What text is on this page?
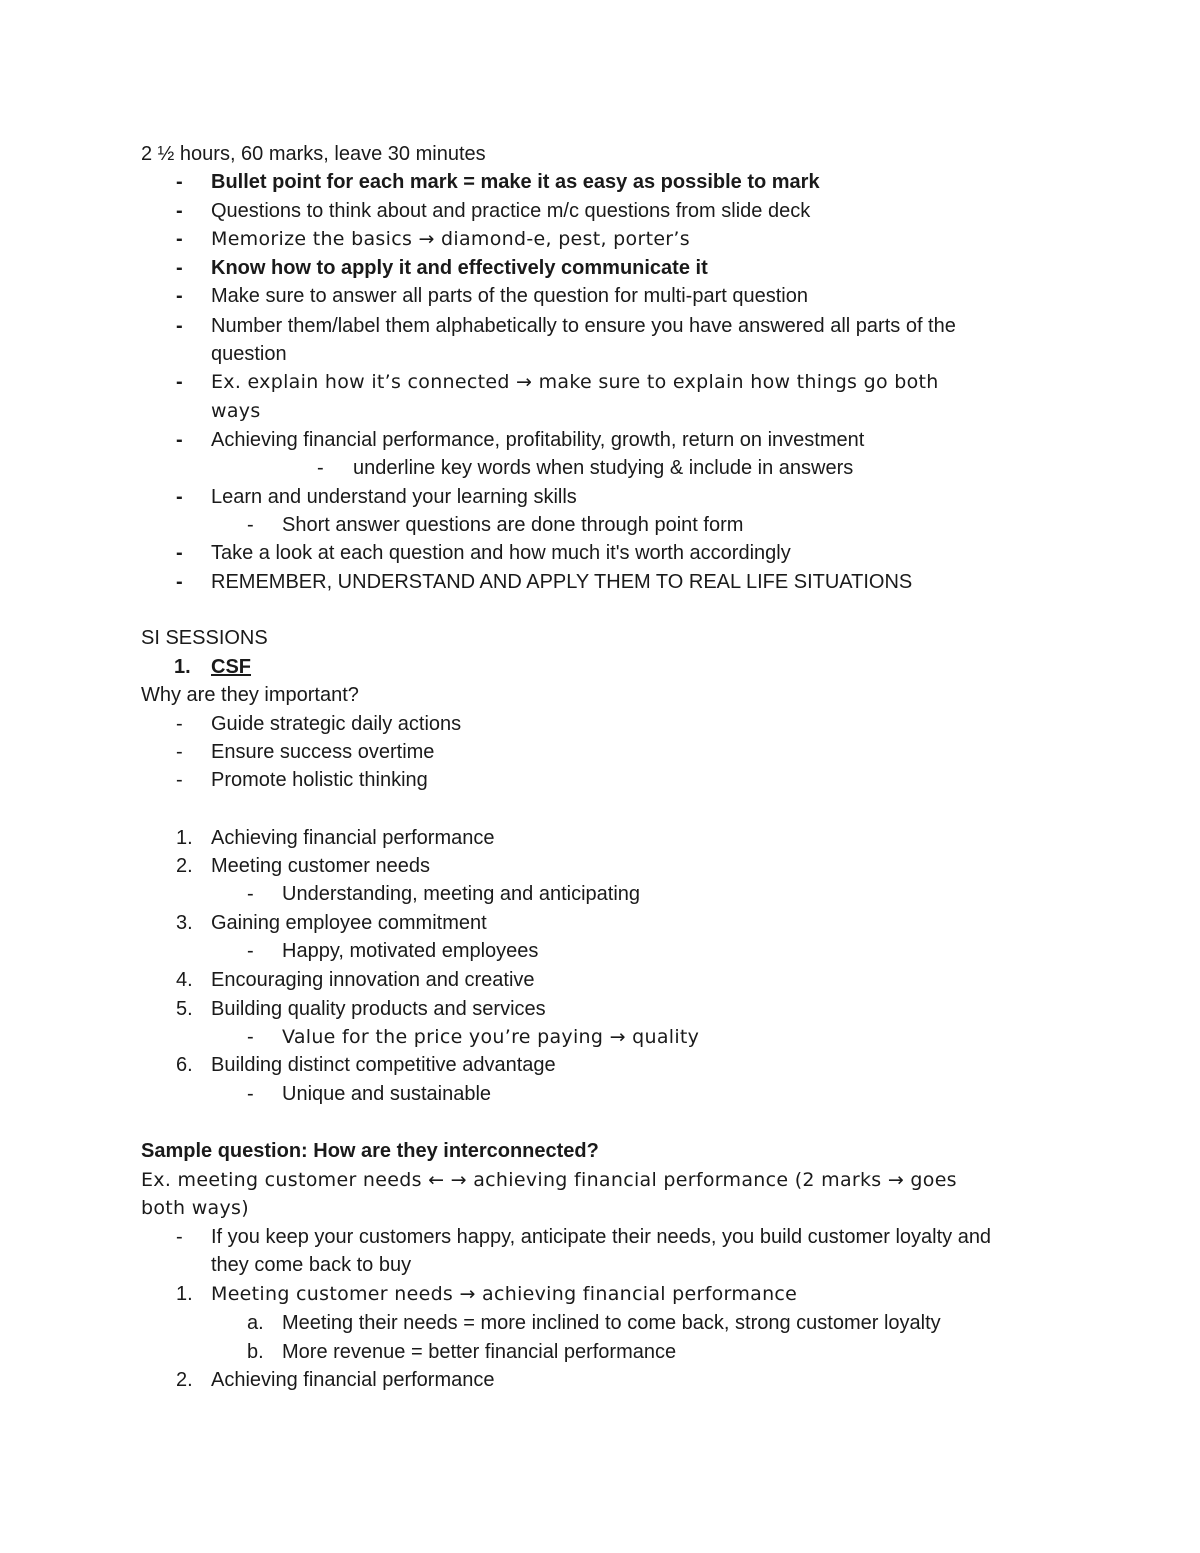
2 ½ hours, 60 marks, leave 30 minutes
- Bullet point for each mark = make it as easy as possible to mark
- Questions to think about and practice m/c questions from slide deck
- Memorize the basics → diamond-e, pest, porter’s
- Know how to apply it and effectively communicate it
- Make sure to answer all parts of the question for multi-part question
- Number them/label them alphabetically to ensure you have answered all parts of the
question
- Ex. explain how it’s connected → make sure to explain how things go both
ways
- Achieving financial performance, profitability, growth, return on investment
- underline key words when studying & include in answers
- Learn and understand your learning skills
- Short answer questions are done through point form
- Take a look at each question and how much it's worth accordingly
- REMEMBER, UNDERSTAND AND APPLY THEM TO REAL LIFE SITUATIONS
SI SESSIONS
1. CSF
Why are they important?
- Guide strategic daily actions
- Ensure success overtime
- Promote holistic thinking
1. Achieving financial performance
2. Meeting customer needs
- Understanding, meeting and anticipating
3. Gaining employee commitment
- Happy, motivated employees
4. Encouraging innovation and creative
5. Building quality products and services
- Value for the price you’re paying → quality
6. Building distinct competitive advantage
- Unique and sustainable
Sample question: How are they interconnected?
Ex. meeting customer needs ← → achieving financial performance (2 marks → goes
both ways)
- If you keep your customers happy, anticipate their needs, you build customer loyalty and
they come back to buy
1. Meeting customer needs → achieving financial performance
a. Meeting their needs = more inclined to come back, strong customer loyalty
b. More revenue = better financial performance
2. Achieving financial performance
